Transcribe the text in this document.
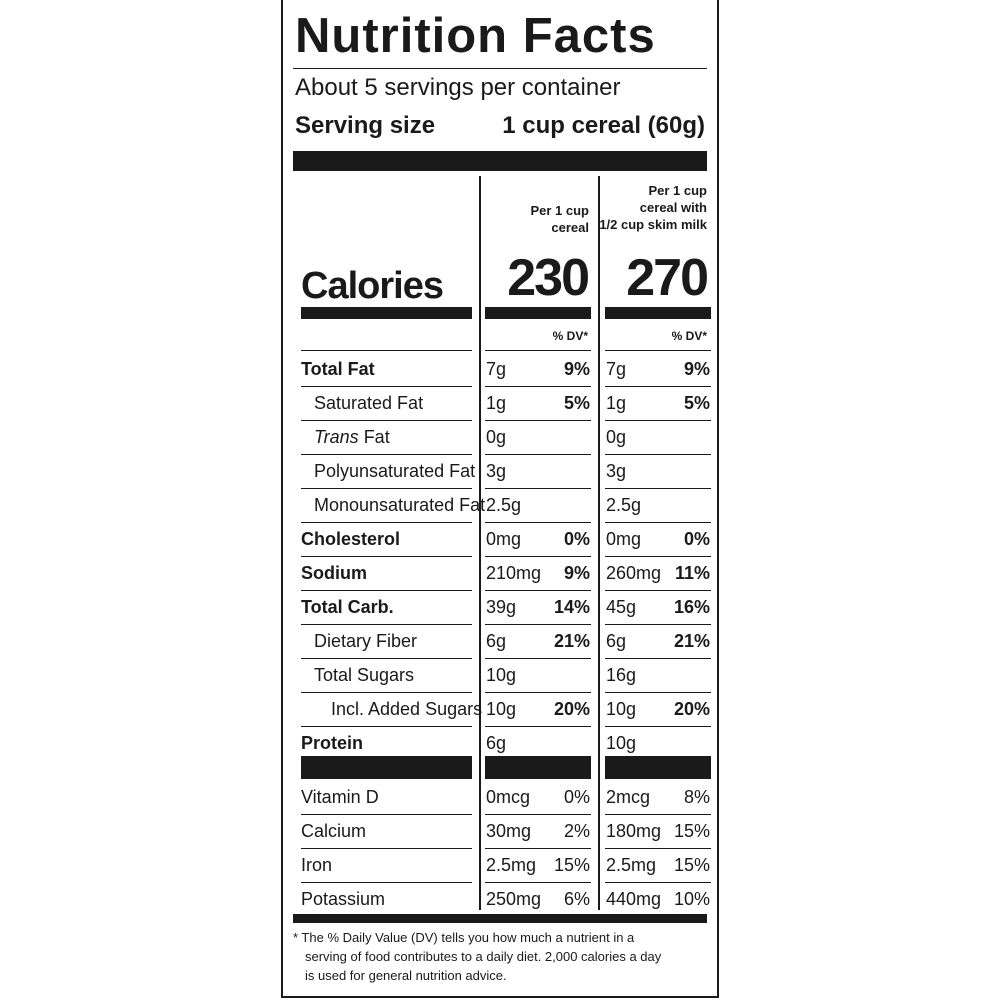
Nutrition Facts
About 5 servings per container
Serving size	1 cup cereal (60g)
Per 1 cup
cereal
Per 1 cup
cereal with
1/2 cup skim milk
Calories	230 270
% DV*	% DV*
Total Fat	7g	9% 7g	9%
Saturated Fat	1g	5% 1g	5%
Trans Fat	0g	0g
Polyunsaturated Fat 3g	3g
Monounsaturated Fat 2.5g	2.5g
Cholesterol	0mg	0% 0mg	0%
Sodium	210mg	9% 260mg 11%
Total Carb.	39g	14% 45g	16%
Dietary Fiber	6g	21% 6g	21%
Total Sugars	10g	16g
Incl. Added Sugars 10g	20% 10g	20%
Protein	6g	10g
Vitamin D	0mcg	0% 2mcg	8%
Calcium	30mg	2% 180mg 15%
Iron	2.5mg 15% 2.5mg 15%
Potassium	250mg	6% 440mg 10%
* The % Daily Value (DV) tells you how much a nutrient in a
serving of food contributes to a daily diet. 2,000 calories a day
is used for general nutrition advice.
